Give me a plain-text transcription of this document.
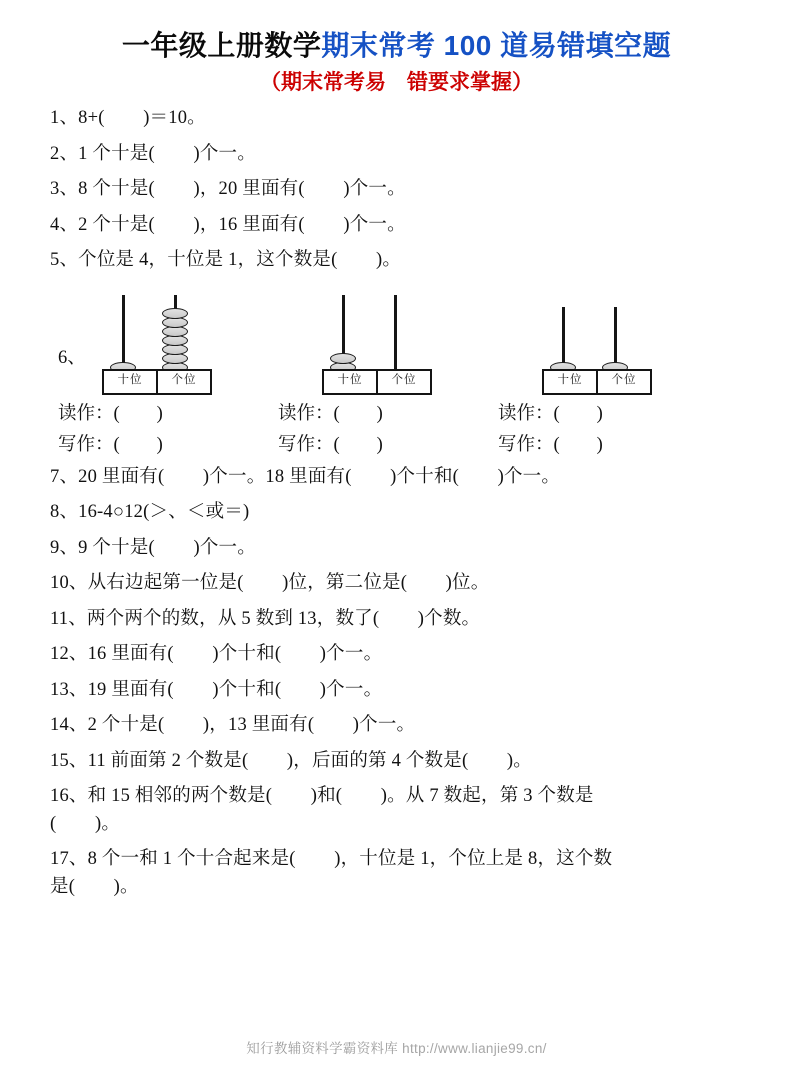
一年级上册数学期末常考 100 道易错填空题
（期末常考易　错要求掌握）
1、8+(        )＝10。
2、1 个十是(        )个一。
3、8 个十是(        )，20 里面有(        )个一。
4、2 个十是(        )，16 里面有(        )个一。
5、个位是 4，十位是 1，这个数是(        )。
6、
十位	个位	十位	个位	十位	个位
读作：(        )	读作：(        )	读作：(        )
写作：(        )	写作：(        )	写作：(        )
7、20 里面有(        )个一。18 里面有(        )个十和(        )个一。
8、16-4○12(＞、＜或＝)
9、9 个十是(        )个一。
10、从右边起第一位是(        )位，第二位是(        )位。
11、两个两个的数，从 5 数到 13，数了(        )个数。
12、16 里面有(        )个十和(        )个一。
13、19 里面有(        )个十和(        )个一。
14、2 个十是(        )，13 里面有(        )个一。
15、11 前面第 2 个数是(        )，后面的第 4 个数是(        )。
16、和 15 相邻的两个数是(        )和(        )。从 7 数起，第 3 个数是
(        )。
17、8 个一和 1 个十合起来是(        )，十位是 1，个位上是 8，这个数
是(        )。
知行教辅资料学霸资料库 http://www.lianjie99.cn/
